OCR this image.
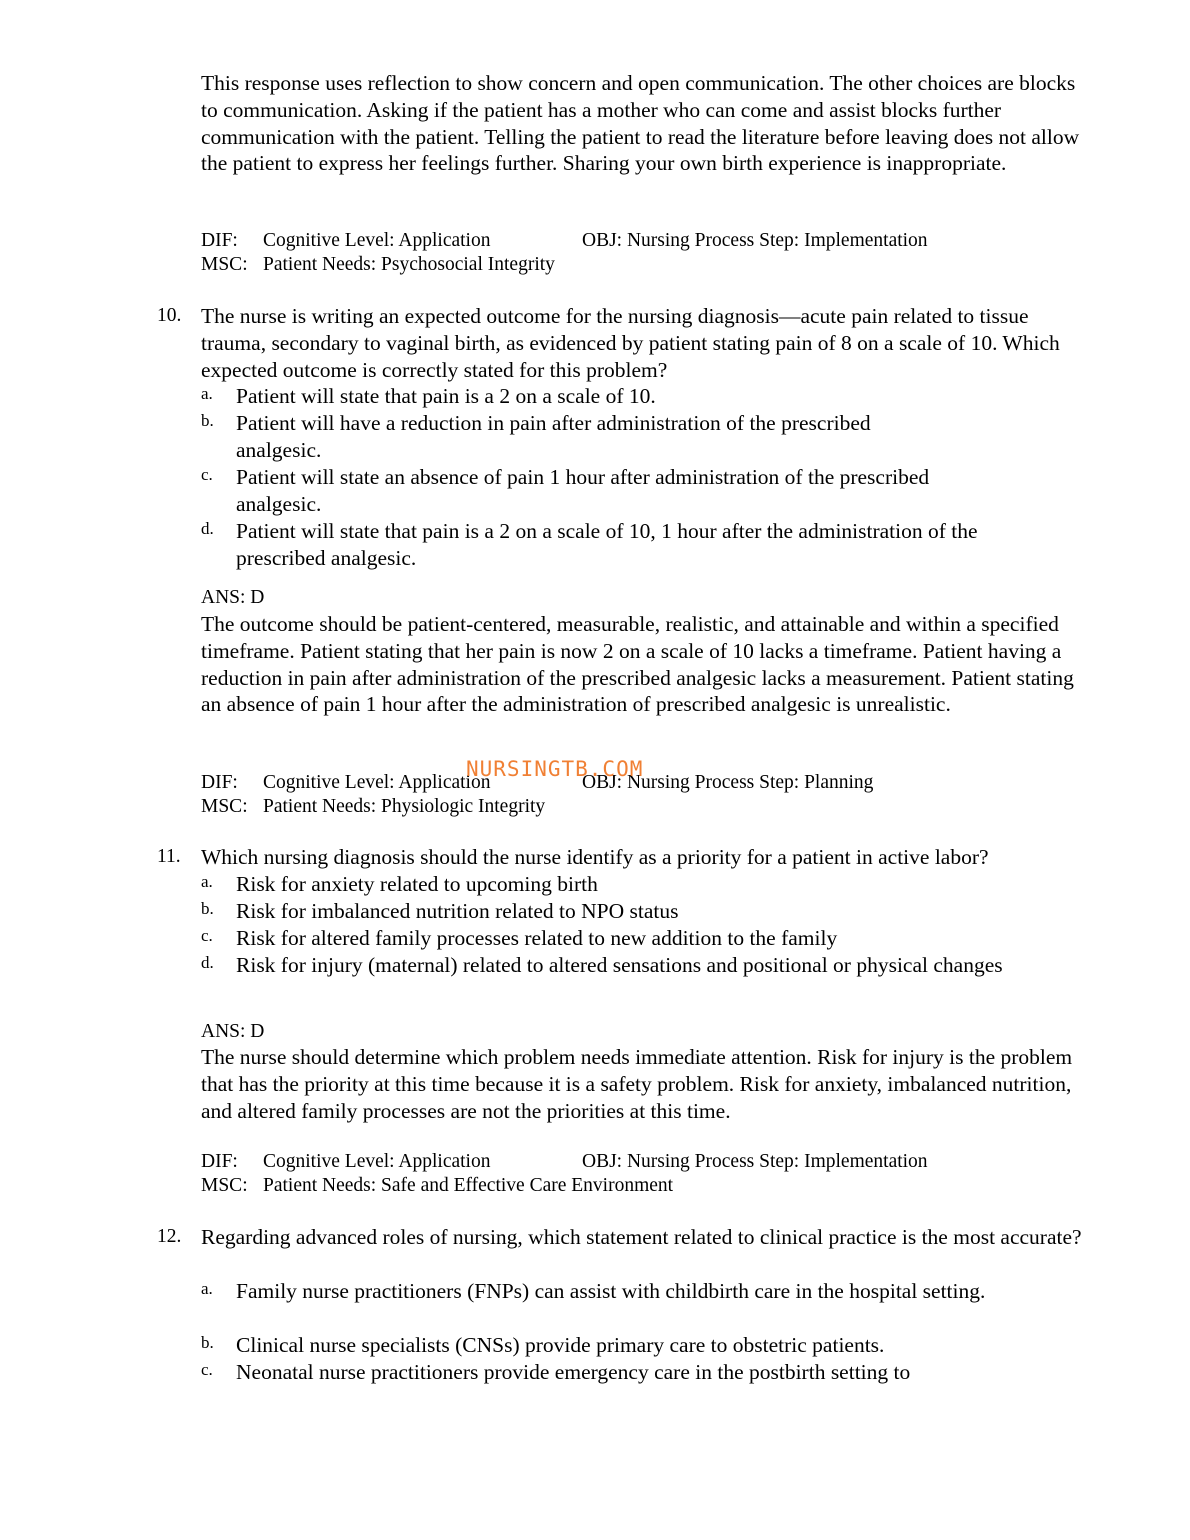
This response uses reflection to show concern and open communication. The other choices are blocks to communication. Asking if the patient has a mother who can come and assist blocks further communication with the patient. Telling the patient to read the literature before leaving does not allow the patient to express her feelings further. Sharing your own birth experience is inappropriate.

DIF: Cognitive Level: Application	OBJ: Nursing Process Step: Implementation
MSC: Patient Needs: Psychosocial Integrity
10. The nurse is writing an expected outcome for the nursing diagnosis—acute pain related to tissue trauma, secondary to vaginal birth, as evidenced by patient stating pain of 8 on a scale of 10. Which expected outcome is correctly stated for this problem?
a. Patient will state that pain is a 2 on a scale of 10.
b. Patient will have a reduction in pain after administration of the prescribed analgesic.
c. Patient will state an absence of pain 1 hour after administration of the prescribed analgesic.
d. Patient will state that pain is a 2 on a scale of 10, 1 hour after the administration of the prescribed analgesic.
ANS: D

The outcome should be patient-centered, measurable, realistic, and attainable and within a specified timeframe. Patient stating that her pain is now 2 on a scale of 10 lacks a timeframe. Patient having a reduction in pain after administration of the prescribed analgesic lacks a measurement. Patient stating an absence of pain 1 hour after the administration of prescribed analgesic is unrealistic.

DIF: Cognitive Level: Application	OBJ: Nursing Process Step: Planning
MSC: Patient Needs: Physiologic Integrity
NURSINGTB.COM
11. Which nursing diagnosis should the nurse identify as a priority for a patient in active labor?
a. Risk for anxiety related to upcoming birth
b. Risk for imbalanced nutrition related to NPO status
c. Risk for altered family processes related to new addition to the family
d. Risk for injury (maternal) related to altered sensations and positional or physical changes
ANS: D

The nurse should determine which problem needs immediate attention. Risk for injury is the problem that has the priority at this time because it is a safety problem. Risk for anxiety, imbalanced nutrition, and altered family processes are not the priorities at this time.

DIF: Cognitive Level: Application	OBJ: Nursing Process Step: Implementation
MSC: Patient Needs: Safe and Effective Care Environment
12. Regarding advanced roles of nursing, which statement related to clinical practice is the most accurate?
a. Family nurse practitioners (FNPs) can assist with childbirth care in the hospital setting.
b. Clinical nurse specialists (CNSs) provide primary care to obstetric patients.
c. Neonatal nurse practitioners provide emergency care in the postbirth setting to
